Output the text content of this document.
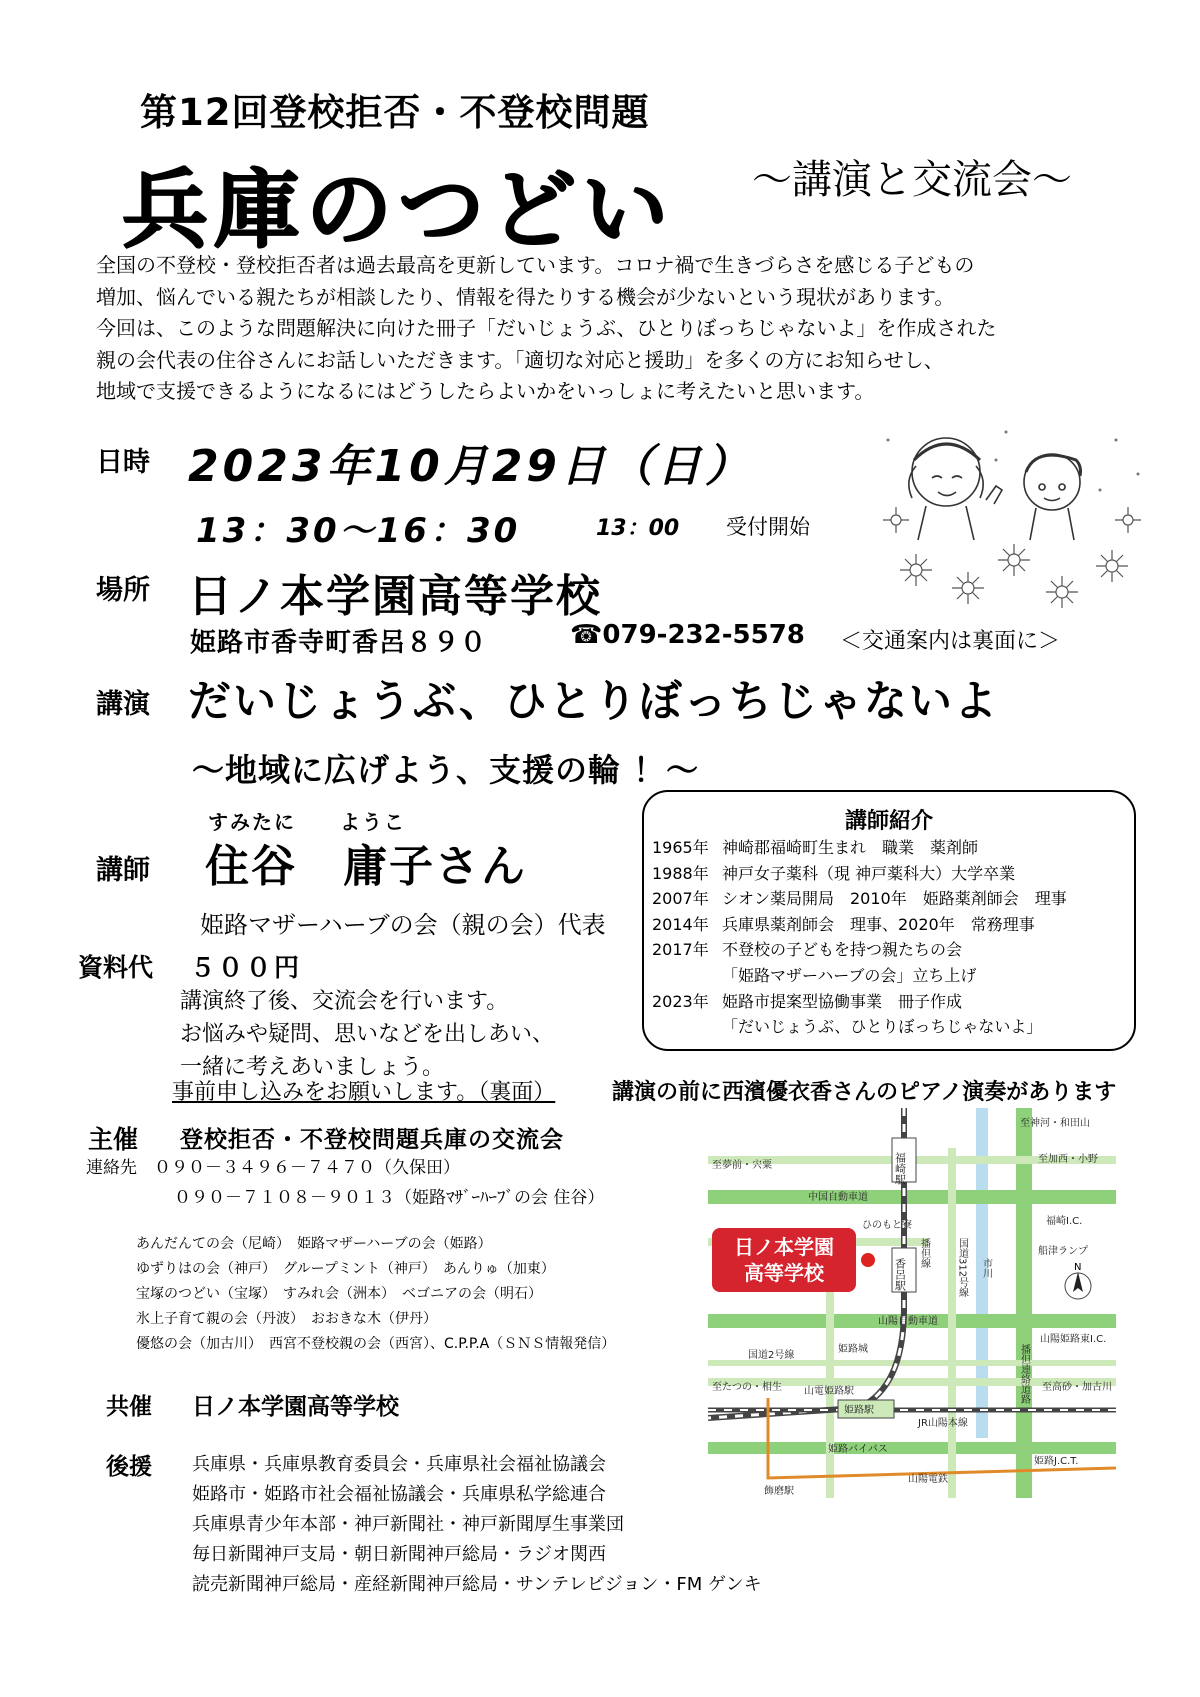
第12回登校拒否・不登校問題
兵庫のつどい ～講演と交流会～

全国の不登校・登校拒否者は過去最高を更新しています。コロナ禍で生きづらさを感じる子どもの

増加、悩んでいる親たちが相談したり、情報を得たりする機会が少ないという現状があります。

今回は、このような問題解決に向けた冊子「だいじょうぶ、ひとりぼっちじゃないよ」を作成された

親の会代表の住谷さんにお話しいただきます。「適切な対応と援助」を多くの方にお知らせし、

地域で支援できるようになるにはどうしたらよいかをいっしょに考えたいと思います。

日時 2023年10月29日（日）
13：30～16：30	13：00 受付開始
場所 日ノ本学園高等学校
姫路市香寺町香呂８９０	☎079-232-5578 ＜交通案内は裏面に＞
講演 だいじょうぶ、ひとりぼっちじゃないよ
～地域に広げよう、支援の輪 ！～
講師
すみたに　　ようこ
住谷　庸子さん
姫路マザーハーブの会（親の会）代表
講師紹介
1965年 神崎郡福崎町生まれ　職業　薬剤師
1988年 神戸女子薬科（現 神戸薬科大）大学卒業
2007年 シオン薬局開局　2010年　姫路薬剤師会　理事
2014年 兵庫県薬剤師会　理事、2020年　常務理事
2017年 不登校の子どもを持つ親たちの会
「姫路マザーハーブの会」立ち上げ
2023年 姫路市提案型協働事業　冊子作成
「だいじょうぶ、ひとりぼっちじゃないよ」
資料代 ５００円

講演終了後、交流会を行います。

お悩みや疑問、思いなどを出しあい、

一緒に考えあいましょう。

事前申し込みをお願いします。（裏面）	講演の前に西濱優衣香さんのピアノ演奏があります
主催 登校拒否・不登校問題兵庫の交流会
連絡先　 ０９０－３４９６－７４７０（久保田）
０９０－７１０８－９０１３（姫路ﾏｻﾞｰﾊｰﾌﾞの会 住谷）

あんだんての会（尼崎）　姫路マザーハーブの会（姫路）

ゆずりはの会（神戸）　グループミント（神戸）　あんりゅ（加東）

宝塚のつどい（宝塚）　すみれ会（洲本）　ベゴニアの会（明石）

氷上子育て親の会（丹波）　おおきな木（伊丹）

優悠の会（加古川）　西宮不登校親の会（西宮）、C.P.P.A（ＳＮＳ情報発信）

共催 日ノ本学園高等学校
後援 兵庫県・兵庫県教育委員会・兵庫県社会福祉協議会

姫路市・姫路市社会福祉協議会・兵庫県私学総連合

兵庫県青少年本部・神戸新聞社・神戸新聞厚生事業団

毎日新聞神戸支局・朝日新聞神戸総局・ラジオ関西

読売新聞神戸総局・産経新聞神戸総局・サンテレビジョン・FM ゲンキ

日ノ本学園
高等学校
至神河・和田山
至加西・小野
至夢前・宍粟
中国自動車道
福崎I.C.
船津ランプ
ひのもと寮
山陽自動車道
姫路城
山陽姫路東I.C.
国道2号線
至たつの・相生 山電姫路駅	至高砂・加古川
姫路駅
JR山陽本線
姫路バイパス
姫路J.C.T.
山陽電鉄
飾磨駅
福崎駅
香呂駅
播但線	国道312号線 市川
播但連絡道路
N
